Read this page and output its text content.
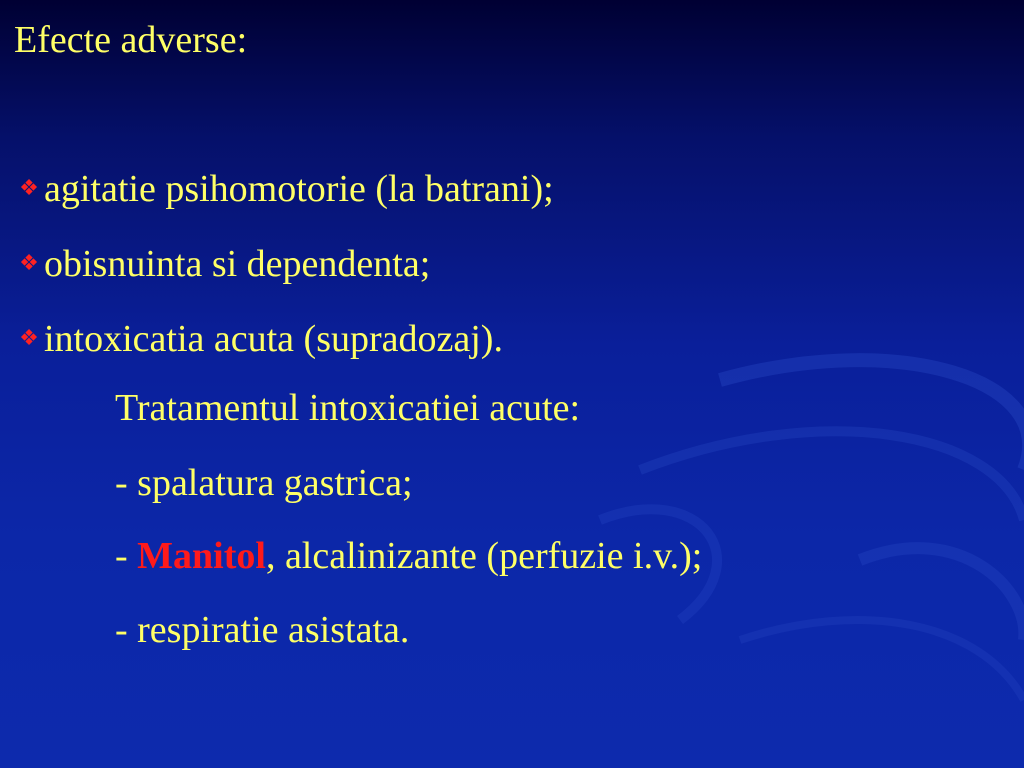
Efecte adverse:
❖ agitatie psihomotorie (la batrani);
❖ obisnuinta si dependenta;
❖ intoxicatia acuta (supradozaj).
Tratamentul intoxicatiei acute:
- spalatura gastrica;
- Manitol, alcalinizante (perfuzie i.v.);
- respiratie asistata.
